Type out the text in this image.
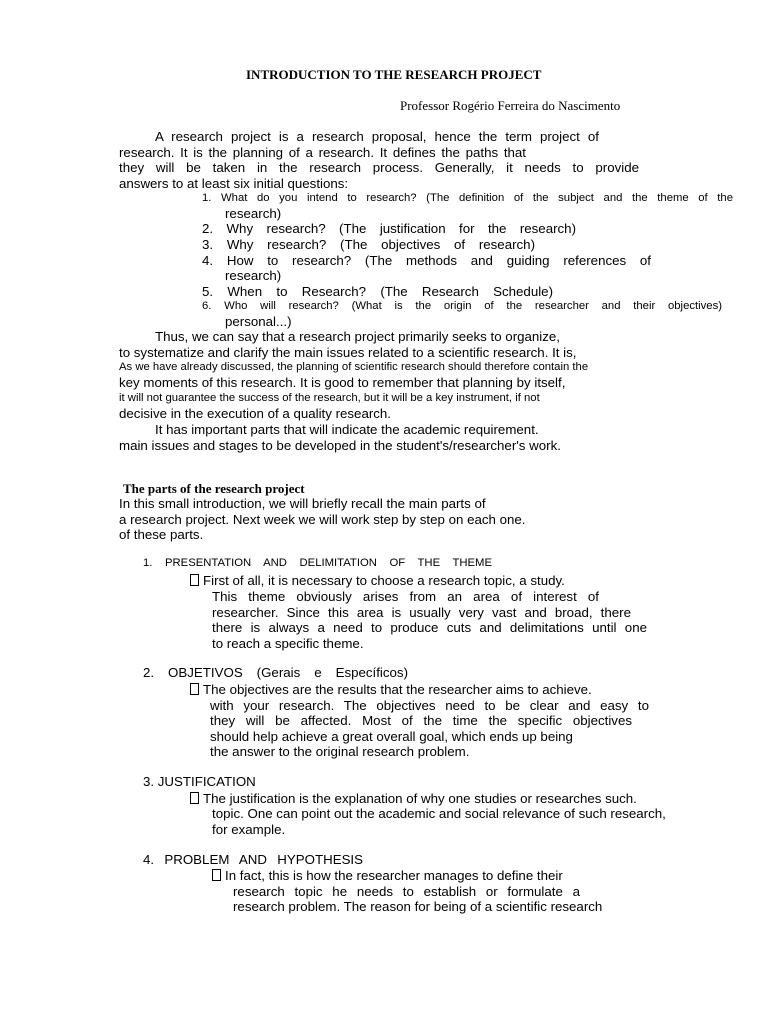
INTRODUCTION TO THE RESEARCH PROJECT
Professor Rogério Ferreira do Nascimento
A research project is a research proposal, hence the term project of
research. It is the planning of a research. It defines the paths that
they will be taken in the research process. Generally, it needs to provide
answers to at least six initial questions:
1. What do you intend to research? (The definition of the subject and the theme of the
research)
2. Why research? (The justification for the research)
3. Why research? (The objectives of research)
4. How to research? (The methods and guiding references of
research)
5. When to Research? (The Research Schedule)
6. Who will research? (What is the origin of the researcher and their objectives)
personal...)
Thus, we can say that a research project primarily seeks to organize,
to systematize and clarify the main issues related to a scientific research. It is,
As we have already discussed, the planning of scientific research should therefore contain the
key moments of this research. It is good to remember that planning by itself,
it will not guarantee the success of the research, but it will be a key instrument, if not
decisive in the execution of a quality research.
It has important parts that will indicate the academic requirement.
main issues and stages to be developed in the student's/researcher's work.
The parts of the research project
In this small introduction, we will briefly recall the main parts of
a research project. Next week we will work step by step on each one.
of these parts.
1. PRESENTATION AND DELIMITATION OF THE THEME
First of all, it is necessary to choose a research topic, a study.
This theme obviously arises from an area of interest of
researcher. Since this area is usually very vast and broad, there
there is always a need to produce cuts and delimitations until one
to reach a specific theme.
2. OBJETIVOS (Gerais e Específicos)
The objectives are the results that the researcher aims to achieve.
with your research. The objectives need to be clear and easy to
they will be affected. Most of the time the specific objectives
should help achieve a great overall goal, which ends up being
the answer to the original research problem.
3. JUSTIFICATION
The justification is the explanation of why one studies or researches such.
topic. One can point out the academic and social relevance of such research,
for example.
4. PROBLEM AND HYPOTHESIS
In fact, this is how the researcher manages to define their
research topic he needs to establish or formulate a
research problem. The reason for being of a scientific research
